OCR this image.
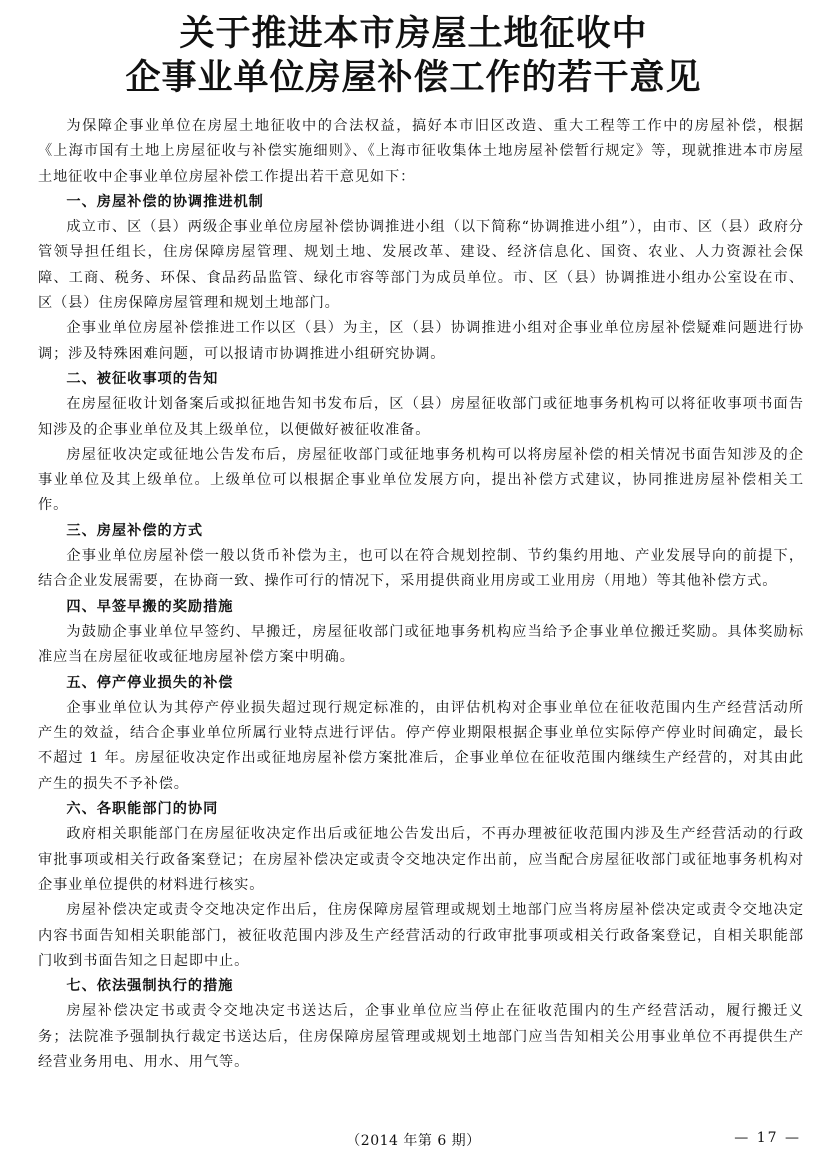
关于推进本市房屋土地征收中
企事业单位房屋补偿工作的若干意见

为保障企事业单位在房屋土地征收中的合法权益，搞好本市旧区改造、重大工程等工作中的房屋补偿，根据《上海市国有土地上房屋征收与补偿实施细则》、《上海市征收集体土地房屋补偿暂行规定》等，现就推进本市房屋土地征收中企事业单位房屋补偿工作提出若干意见如下：

一、房屋补偿的协调推进机制

成立市、区（县）两级企事业单位房屋补偿协调推进小组（以下简称“协调推进小组”），由市、区（县）政府分管领导担任组长，住房保障房屋管理、规划土地、发展改革、建设、经济信息化、国资、农业、人力资源社会保障、工商、税务、环保、食品药品监管、绿化市容等部门为成员单位。市、区（县）协调推进小组办公室设在市、区（县）住房保障房屋管理和规划土地部门。

企事业单位房屋补偿推进工作以区（县）为主，区（县）协调推进小组对企事业单位房屋补偿疑难问题进行协调；涉及特殊困难问题，可以报请市协调推进小组研究协调。

二、被征收事项的告知

在房屋征收计划备案后或拟征地告知书发布后，区（县）房屋征收部门或征地事务机构可以将征收事项书面告知涉及的企事业单位及其上级单位，以便做好被征收准备。

房屋征收决定或征地公告发布后，房屋征收部门或征地事务机构可以将房屋补偿的相关情况书面告知涉及的企事业单位及其上级单位。上级单位可以根据企事业单位发展方向，提出补偿方式建议，协同推进房屋补偿相关工作。

三、房屋补偿的方式

企事业单位房屋补偿一般以货币补偿为主，也可以在符合规划控制、节约集约用地、产业发展导向的前提下，结合企业发展需要，在协商一致、操作可行的情况下，采用提供商业用房或工业用房（用地）等其他补偿方式。

四、早签早搬的奖励措施

为鼓励企事业单位早签约、早搬迁，房屋征收部门或征地事务机构应当给予企事业单位搬迁奖励。具体奖励标准应当在房屋征收或征地房屋补偿方案中明确。

五、停产停业损失的补偿

企事业单位认为其停产停业损失超过现行规定标准的，由评估机构对企事业单位在征收范围内生产经营活动所产生的效益，结合企事业单位所属行业特点进行评估。停产停业期限根据企事业单位实际停产停业时间确定，最长不超过 1 年。房屋征收决定作出或征地房屋补偿方案批准后，企事业单位在征收范围内继续生产经营的，对其由此产生的损失不予补偿。

六、各职能部门的协同

政府相关职能部门在房屋征收决定作出后或征地公告发出后，不再办理被征收范围内涉及生产经营活动的行政审批事项或相关行政备案登记；在房屋补偿决定或责令交地决定作出前，应当配合房屋征收部门或征地事务机构对企事业单位提供的材料进行核实。

房屋补偿决定或责令交地决定作出后，住房保障房屋管理或规划土地部门应当将房屋补偿决定或责令交地决定内容书面告知相关职能部门，被征收范围内涉及生产经营活动的行政审批事项或相关行政备案登记，自相关职能部门收到书面告知之日起即中止。

七、依法强制执行的措施

房屋补偿决定书或责令交地决定书送达后，企事业单位应当停止在征收范围内的生产经营活动，履行搬迁义务；法院准予强制执行裁定书送达后，住房保障房屋管理或规划土地部门应当告知相关公用事业单位不再提供生产经营业务用电、用水、用气等。

（2014 年第 6 期）	— 17 —
